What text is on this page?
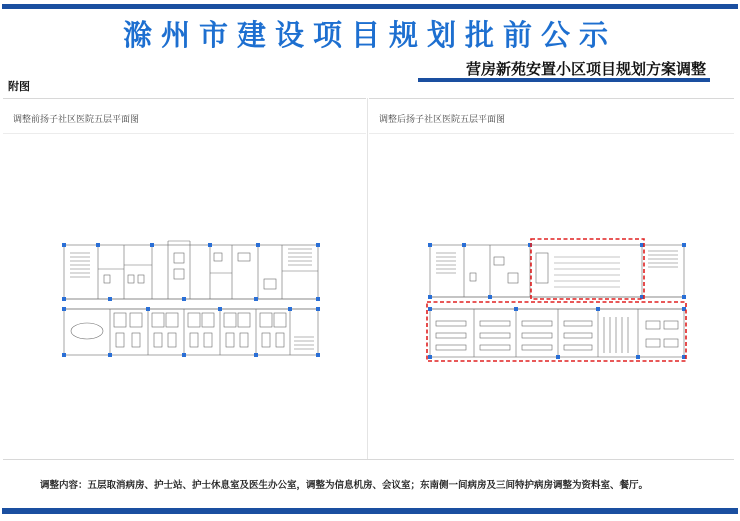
滁州市建设项目规划批前公示
营房新苑安置小区项目规划方案调整
附图
调整前扬子社区医院五层平面图	调整后扬子社区医院五层平面图
调整内容：五层取消病房、护士站、护士休息室及医生办公室，调整为信息机房、会议室；东南侧一间病房及三间特护病房调整为资料室、餐厅。
